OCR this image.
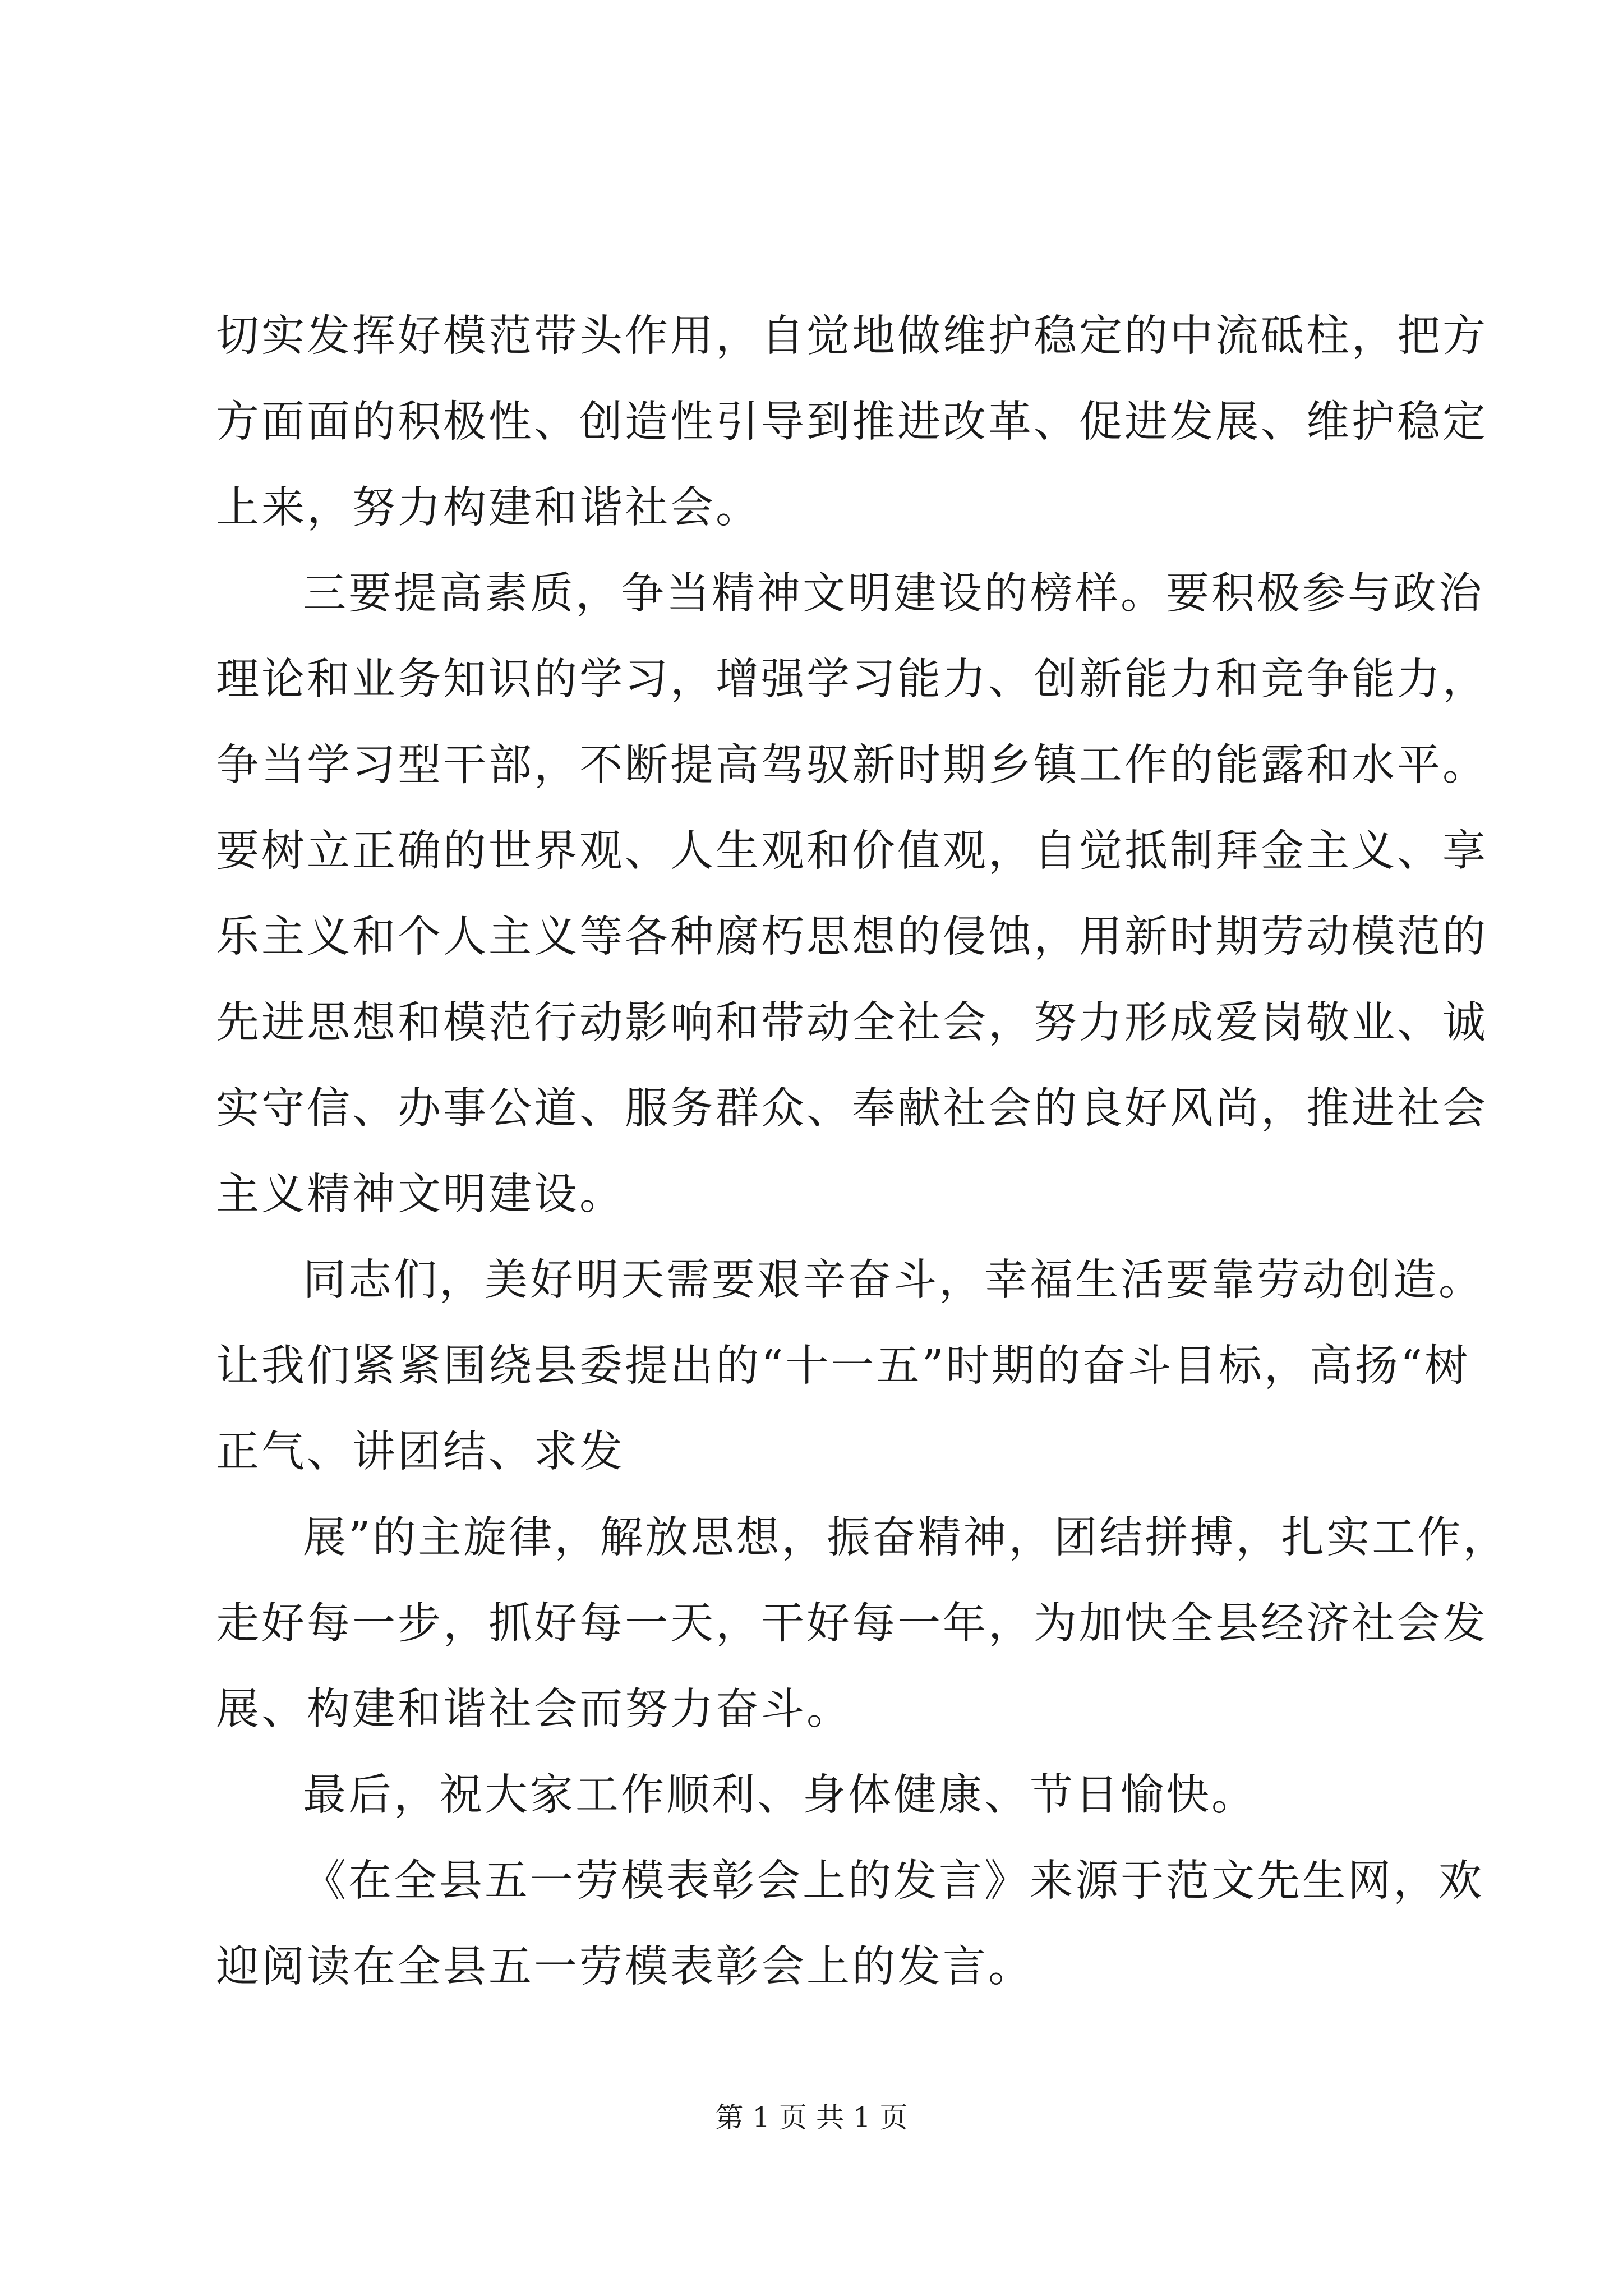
切实发挥好模范带头作用，自觉地做维护稳定的中流砥柱，把方
方面面的积极性、创造性引导到推进改革、促进发展、维护稳定
上来，努力构建和谐社会。
三要提高素质，争当精神文明建设的榜样。要积极参与政治
理论和业务知识的学习，增强学习能力、创新能力和竞争能力，
争当学习型干部，不断提高驾驭新时期乡镇工作的能露和水平。
要树立正确的世界观、人生观和价值观，自觉抵制拜金主义、享
乐主义和个人主义等各种腐朽思想的侵蚀，用新时期劳动模范的
先进思想和模范行动影响和带动全社会，努力形成爱岗敬业、诚
实守信、办事公道、服务群众、奉献社会的良好风尚，推进社会
主义精神文明建设。
同志们，美好明天需要艰辛奋斗，幸福生活要靠劳动创造。
让我们紧紧围绕县委提出的“十一五”时期的奋斗目标，高扬“树
正气、讲团结、求发
展”的主旋律，解放思想，振奋精神，团结拼搏，扎实工作，
走好每一步，抓好每一天，干好每一年，为加快全县经济社会发
展、构建和谐社会而努力奋斗。
最后，祝大家工作顺利、身体健康、节日愉快。
《在全县五一劳模表彰会上的发言》来源于范文先生网，欢
迎阅读在全县五一劳模表彰会上的发言。
第 1 页 共 1 页
